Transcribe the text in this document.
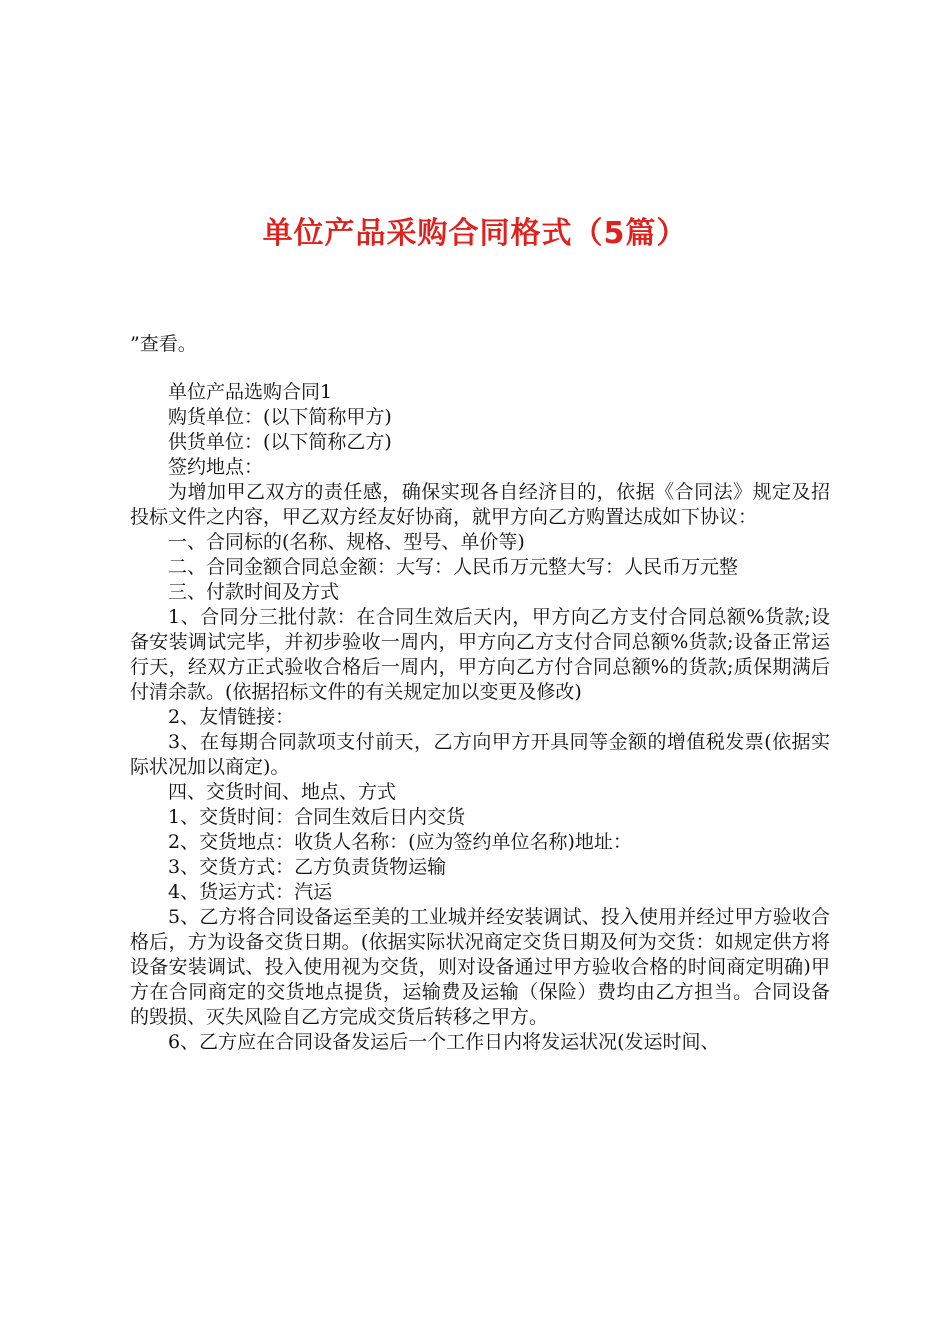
单位产品采购合同格式（5篇）
”查看。

单位产品选购合同1

购货单位：(以下简称甲方)

供货单位：(以下简称乙方)

签约地点：

为增加甲乙双方的责任感，确保实现各自经济目的，依据《合同法》规定及招投标文件之内容，甲乙双方经友好协商，就甲方向乙方购置达成如下协议：

一、合同标的(名称、规格、型号、单价等)

二、合同金额合同总金额：大写：人民币万元整大写：人民币万元整

三、付款时间及方式

1、合同分三批付款：在合同生效后天内，甲方向乙方支付合同总额%货款;设备安装调试完毕，并初步验收一周内，甲方向乙方支付合同总额%货款;设备正常运行天，经双方正式验收合格后一周内，甲方向乙方付合同总额%的货款;质保期满后付清余款。(依据招标文件的有关规定加以变更及修改)

2、友情链接：

3、在每期合同款项支付前天，乙方向甲方开具同等金额的增值税发票(依据实际状况加以商定)。

四、交货时间、地点、方式

1、交货时间：合同生效后日内交货

2、交货地点：收货人名称：(应为签约单位名称)地址：

3、交货方式：乙方负责货物运输

4、货运方式：汽运

5、乙方将合同设备运至美的工业城并经安装调试、投入使用并经过甲方验收合格后，方为设备交货日期。(依据实际状况商定交货日期及何为交货：如规定供方将设备安装调试、投入使用视为交货，则对设备通过甲方验收合格的时间商定明确)甲方在合同商定的交货地点提货，运输费及运输（保险）费均由乙方担当。合同设备的毁损、灭失风险自乙方完成交货后转移之甲方。

6、乙方应在合同设备发运后一个工作日内将发运状况(发运时间、
